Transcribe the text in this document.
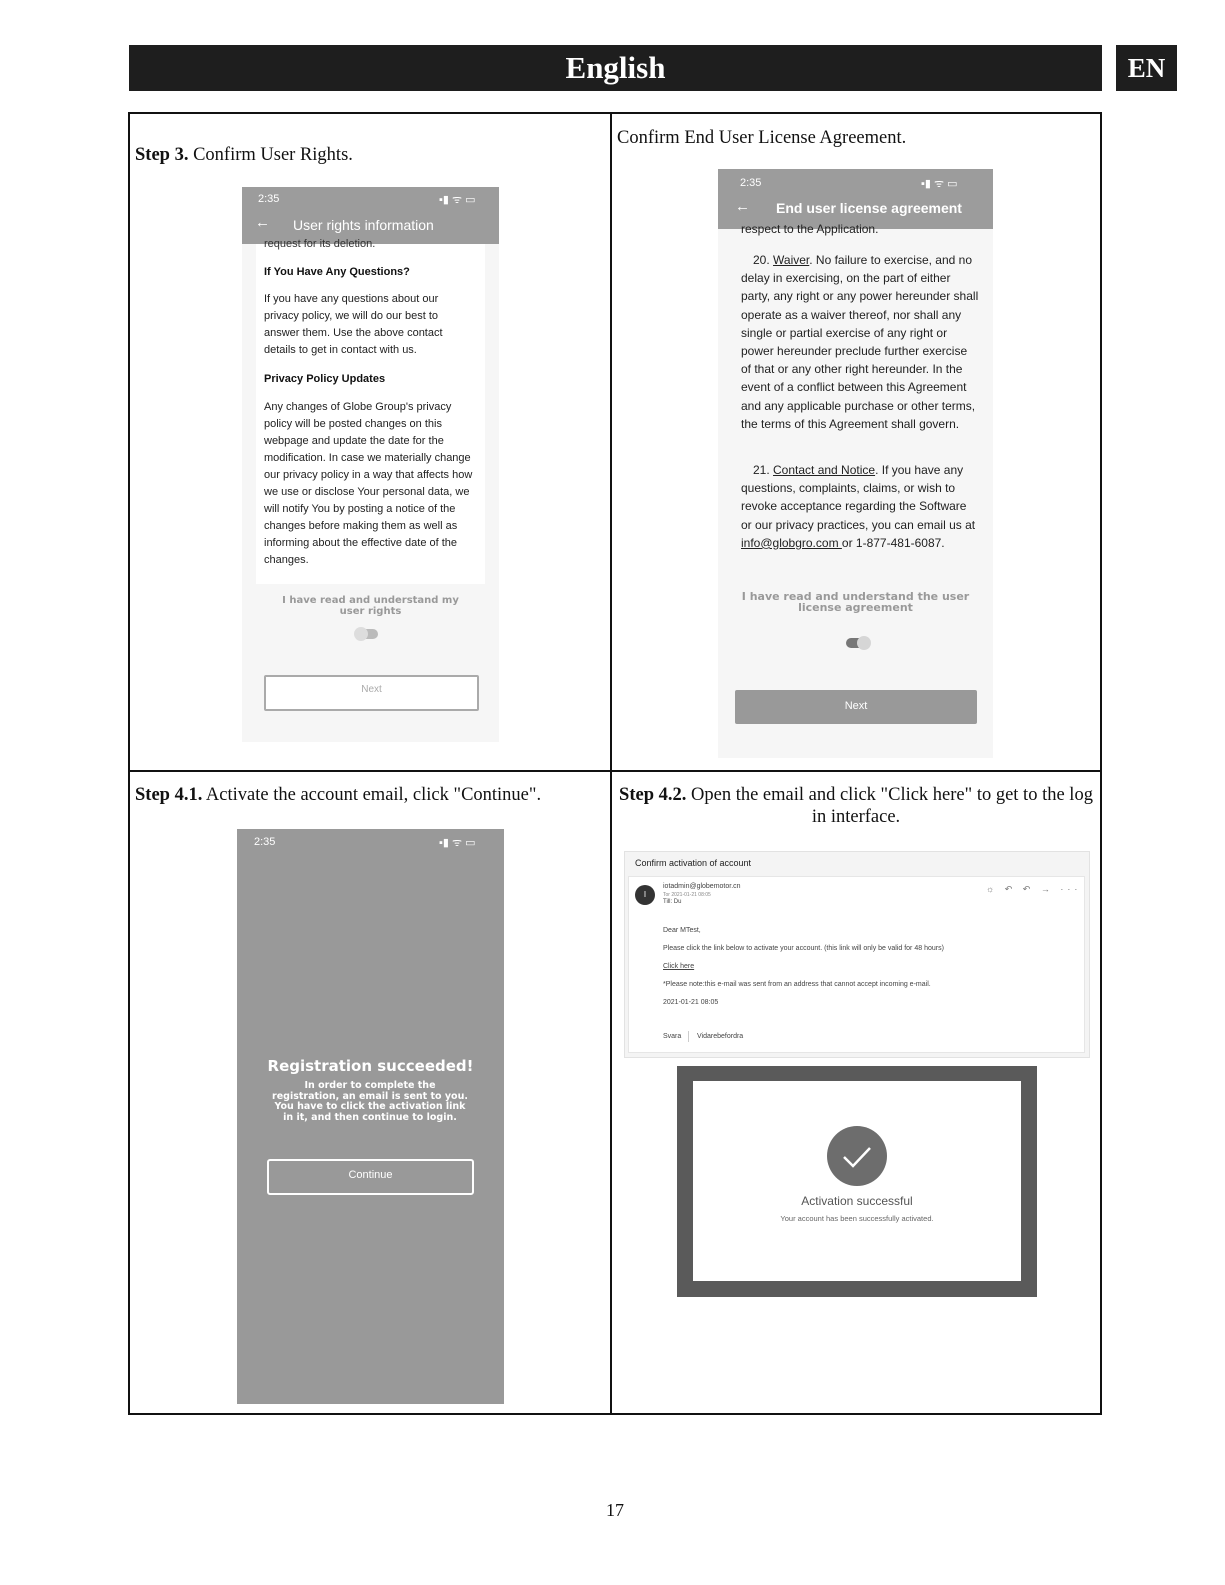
English	EN
Step 3. Confirm User Rights.
2:35	▪▮ ᯤ ▭
← User rights information
request for its deletion.
If You Have Any Questions?
If you have any questions about our privacy policy, we will do our best to answer them. Use the above contact details to get in contact with us.
Privacy Policy Updates
Any changes of Globe Group's privacy policy will be posted changes on this webpage and update the date for the modification. In case we materially change our privacy policy in a way that affects how we use or disclose Your personal data, we will notify You by posting a notice of the changes before making them as well as informing about the effective date of the changes.
I have read and understand my user rights
Next
Confirm End User License Agreement.
2:35	▪▮ ᯤ ▭
← End user license agreement
respect to the Application.
20. Waiver. No failure to exercise, and no delay in exercising, on the part of either party, any right or any power hereunder shall operate as a waiver thereof, nor shall any single or partial exercise of any right or power hereunder preclude further exercise of that or any other right hereunder. In the event of a conflict between this Agreement and any applicable purchase or other terms, the terms of this Agreement shall govern.
21. Contact and Notice. If you have any questions, complaints, claims, or wish to revoke acceptance regarding the Software or our privacy practices, you can email us at info@globgro.com or 1-877-481-6087.
I have read and understand the user license agreement
Next
Step 4.1. Activate the account email, click "Continue".
2:35	▪▮ ᯤ ▭
Registration succeeded!
In order to complete the registration, an email is sent to you. You have to click the activation link in it, and then continue to login.
Continue
Step 4.2. Open the email and click "Click here" to get to the log in interface.
Confirm activation of account
I
iotadmin@globemotor.cn
Tor 2021-01-21 08:05
Till: Du
☼ ↶ ↶ → ···
Dear MTest,
Please click the link below to activate your account. (this link will only be valid for 48 hours)
Click here
*Please note:this e-mail was sent from an address that cannot accept incoming e-mail.
2021-01-21 08:05
Svara Vidarebefordra
Activation successful
Your account has been successfully activated.
17
